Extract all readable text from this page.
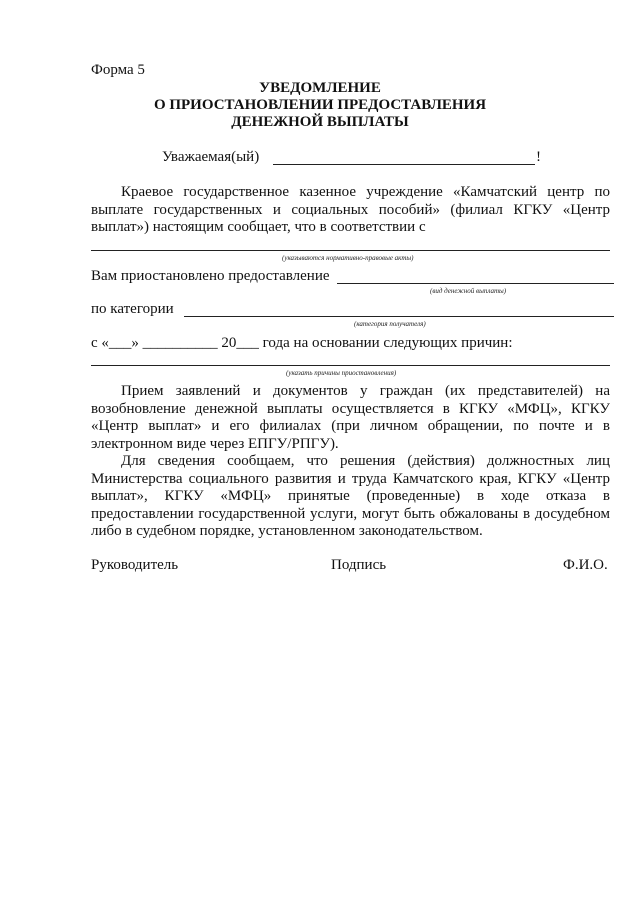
Форма 5
УВЕДОМЛЕНИЕ
О ПРИОСТАНОВЛЕНИИ ПРЕДОСТАВЛЕНИЯ
ДЕНЕЖНОЙ ВЫПЛАТЫ
Уважаемая(ый)	!
Краевое государственное казенное учреждение «Камчатский центр по выплате государственных и социальных пособий» (филиал КГКУ «Центр выплат») настоящим сообщает, что в соответствии с
(указываются нормативно-правовые акты)
Вам приостановлено предоставление
(вид денежной выплаты)
по категории
(категория получателя)
с «___» __________ 20___ года на основании следующих причин:
(указать причины приостановления)
Прием заявлений и документов у граждан (их представителей) на возобновление денежной выплаты осуществляется в КГКУ «МФЦ», КГКУ «Центр выплат» и его филиалах (при личном обращении, по почте и в электронном виде через ЕПГУ/РПГУ).
Для сведения сообщаем, что решения (действия) должностных лиц Министерства социального развития и труда Камчатского края, КГКУ «Центр выплат», КГКУ «МФЦ» принятые (проведенные) в ходе отказа в предоставлении государственной услуги, могут быть обжалованы в досудебном либо в судебном порядке, установленном законодательством.
Руководитель	Подпись	Ф.И.О.
